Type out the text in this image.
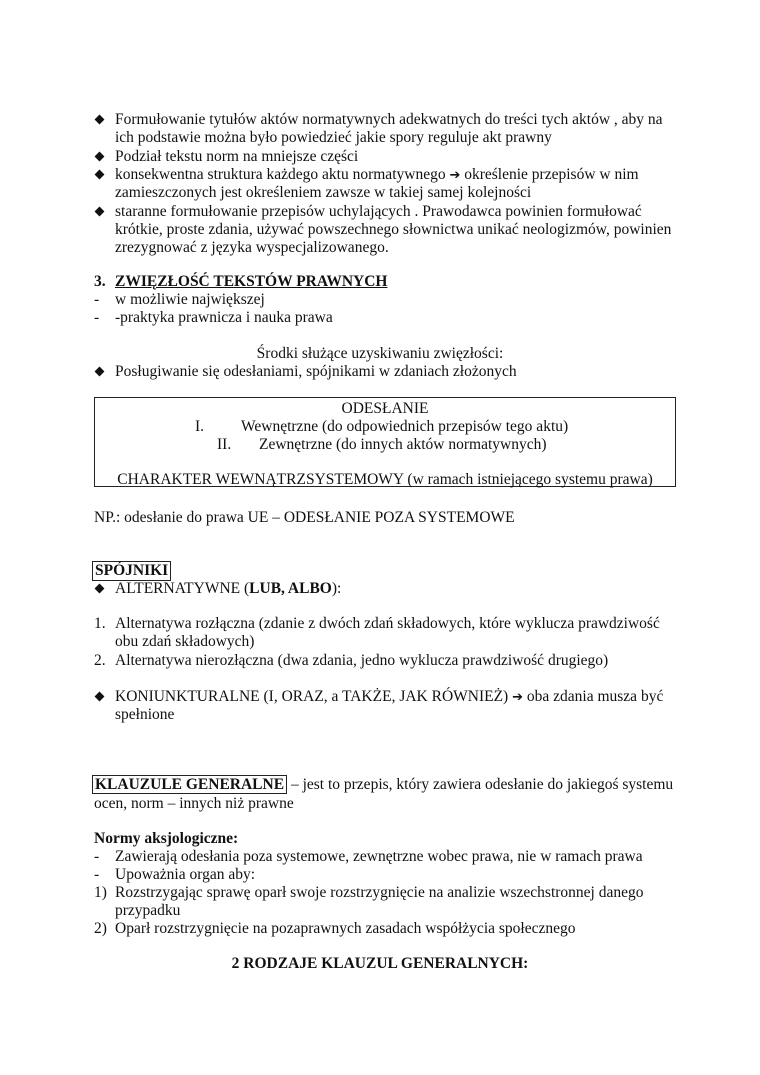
Formułowanie tytułów aktów normatywnych adekwatnych do treści tych aktów , aby na
ich podstawie można było powiedzieć jakie spory reguluje akt prawny
Podział tekstu norm na mniejsze części
konsekwentna struktura każdego aktu normatywnego ➔ określenie przepisów w nim
zamieszczonych jest określeniem zawsze w takiej samej kolejności
staranne formułowanie przepisów uchylających . Prawodawca powinien formułować
krótkie, proste zdania, używać powszechnego słownictwa unikać neologizmów, powinien
zrezygnować z języka wyspecjalizowanego.
3. ZWIĘZŁOŚĆ TEKSTÓW PRAWNYCH
- w możliwie największej
- -praktyka prawnicza i nauka prawa
Środki służące uzyskiwaniu zwięzłości:
Posługiwanie się odesłaniami, spójnikami w zdaniach złożonych
ODESŁANIE
I. Wewnętrzne (do odpowiednich przepisów tego aktu)
II. Zewnętrzne (do innych aktów normatywnych)
CHARAKTER WEWNĄTRZSYSTEMOWY (w ramach istniejącego systemu prawa)
NP.: odesłanie do prawa UE – ODESŁANIE POZA SYSTEMOWE
SPÓJNIKI
ALTERNATYWNE (LUB, ALBO):
1. Alternatywa rozłączna (zdanie z dwóch zdań składowych, które wyklucza prawdziwość
obu zdań składowych)
2. Alternatywa nierozłączna (dwa zdania, jedno wyklucza prawdziwość drugiego)
KONIUNKTURALNE (I, ORAZ, a TAKŻE, JAK RÓWNIEŻ) ➔ oba zdania musza być
spełnione
KLAUZULE GENERALNE – jest to przepis, który zawiera odesłanie do jakiegoś systemu
ocen, norm – innych niż prawne
Normy aksjologiczne:
- Zawierają odesłania poza systemowe, zewnętrzne wobec prawa, nie w ramach prawa
- Upoważnia organ aby:
1) Rozstrzygając sprawę oparł swoje rozstrzygnięcie na analizie wszechstronnej danego
przypadku
2) Oparł rozstrzygnięcie na pozaprawnych zasadach współżycia społecznego
2 RODZAJE KLAUZUL GENERALNYCH:
